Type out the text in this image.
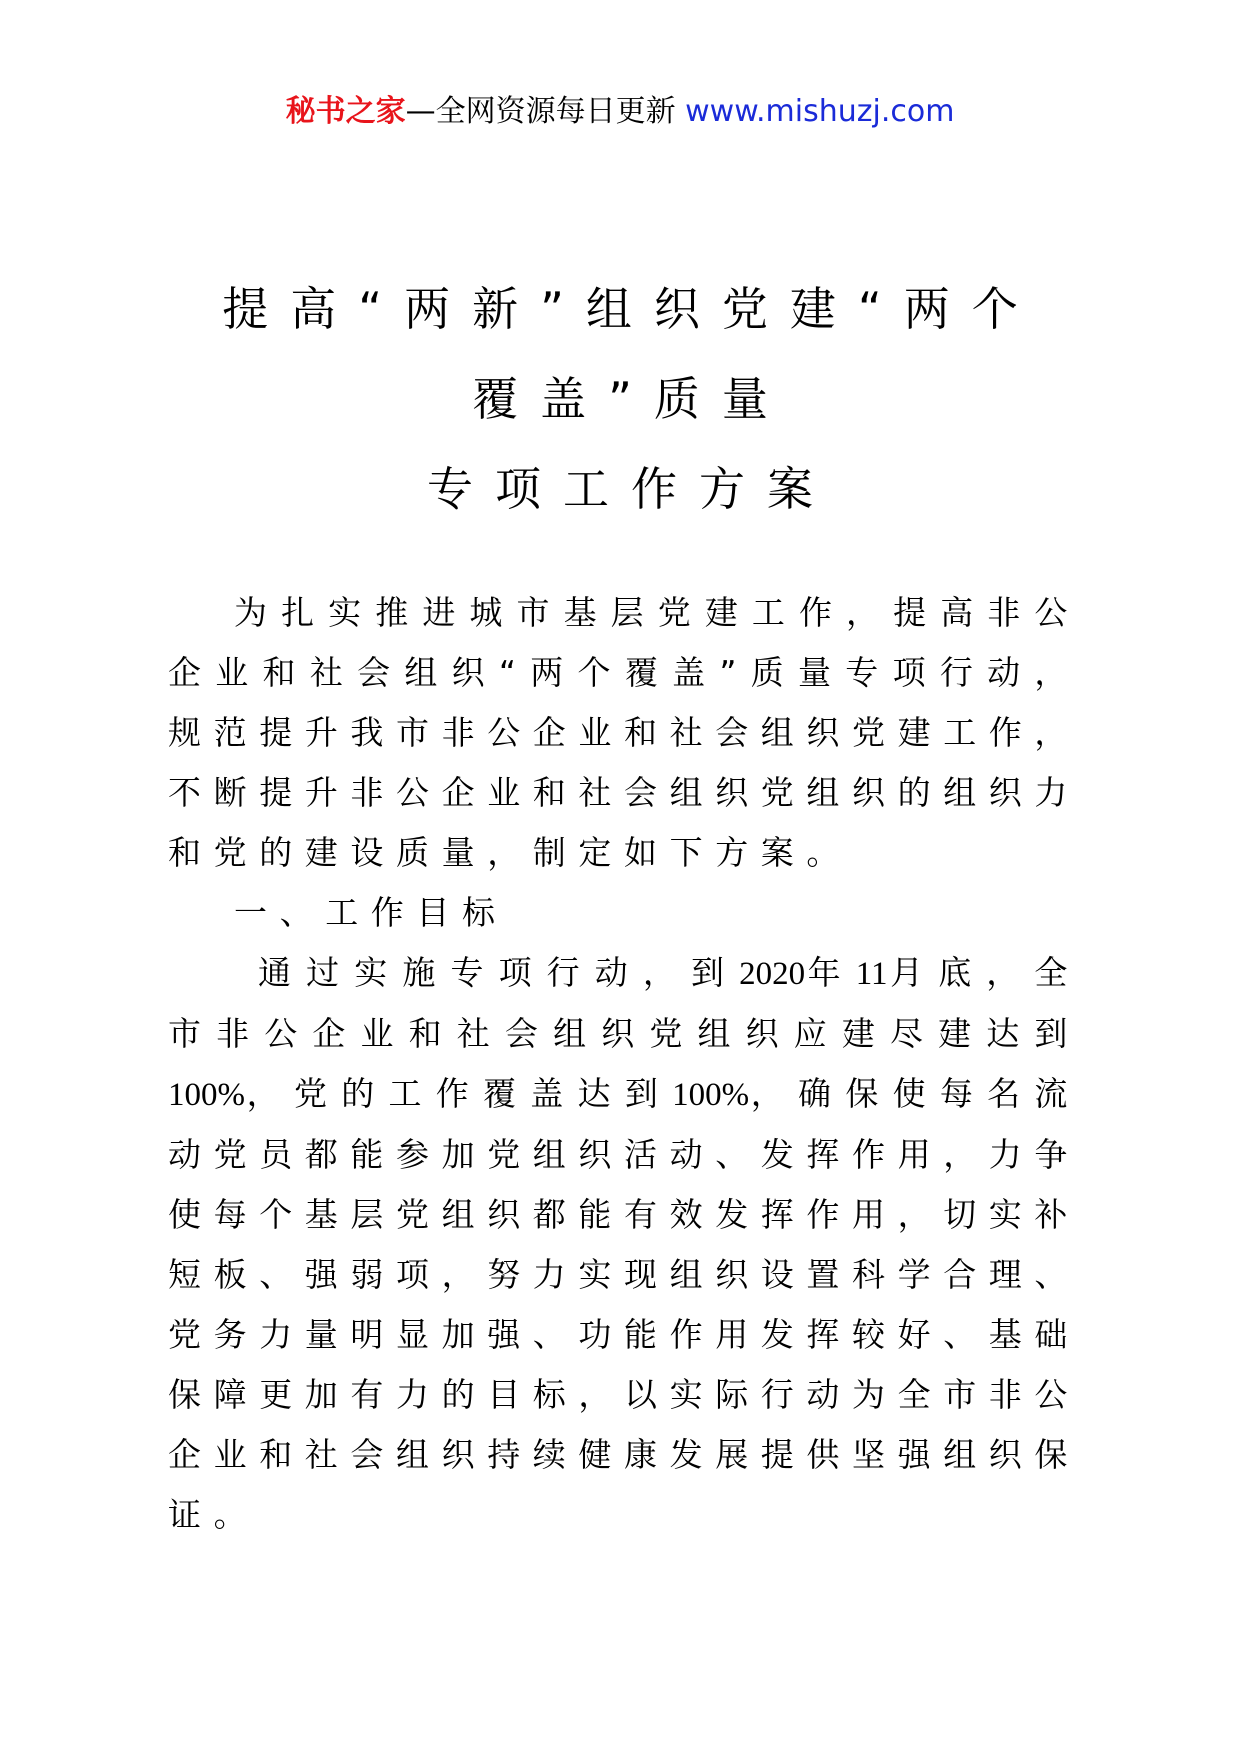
秘书之家—全网资源每日更新 www.mishuzj.com
提高“两新”组织党建“两个
覆盖”质量
专项工作方案

为扎实推进城市基层党建工作，提高非公企业和社会组织“两个覆盖”质量专项行动，规范提升我市非公企业和社会组织党建工作，不断提升非公企业和社会组织党组织的组织力和党的建设质量，制定如下方案。

一、工作目标

通过实施专项行动，到2020年11月底，全市非公企业和社会组织党组织应建尽建达到100%，党的工作覆盖达到100%，确保使每名流动党员都能参加党组织活动、发挥作用，力争使每个基层党组织都能有效发挥作用，切实补短板、强弱项，努力实现组织设置科学合理、党务力量明显加强、功能作用发挥较好、基础保障更加有力的目标，以实际行动为全市非公企业和社会组织持续健康发展提供坚强组织保证。
